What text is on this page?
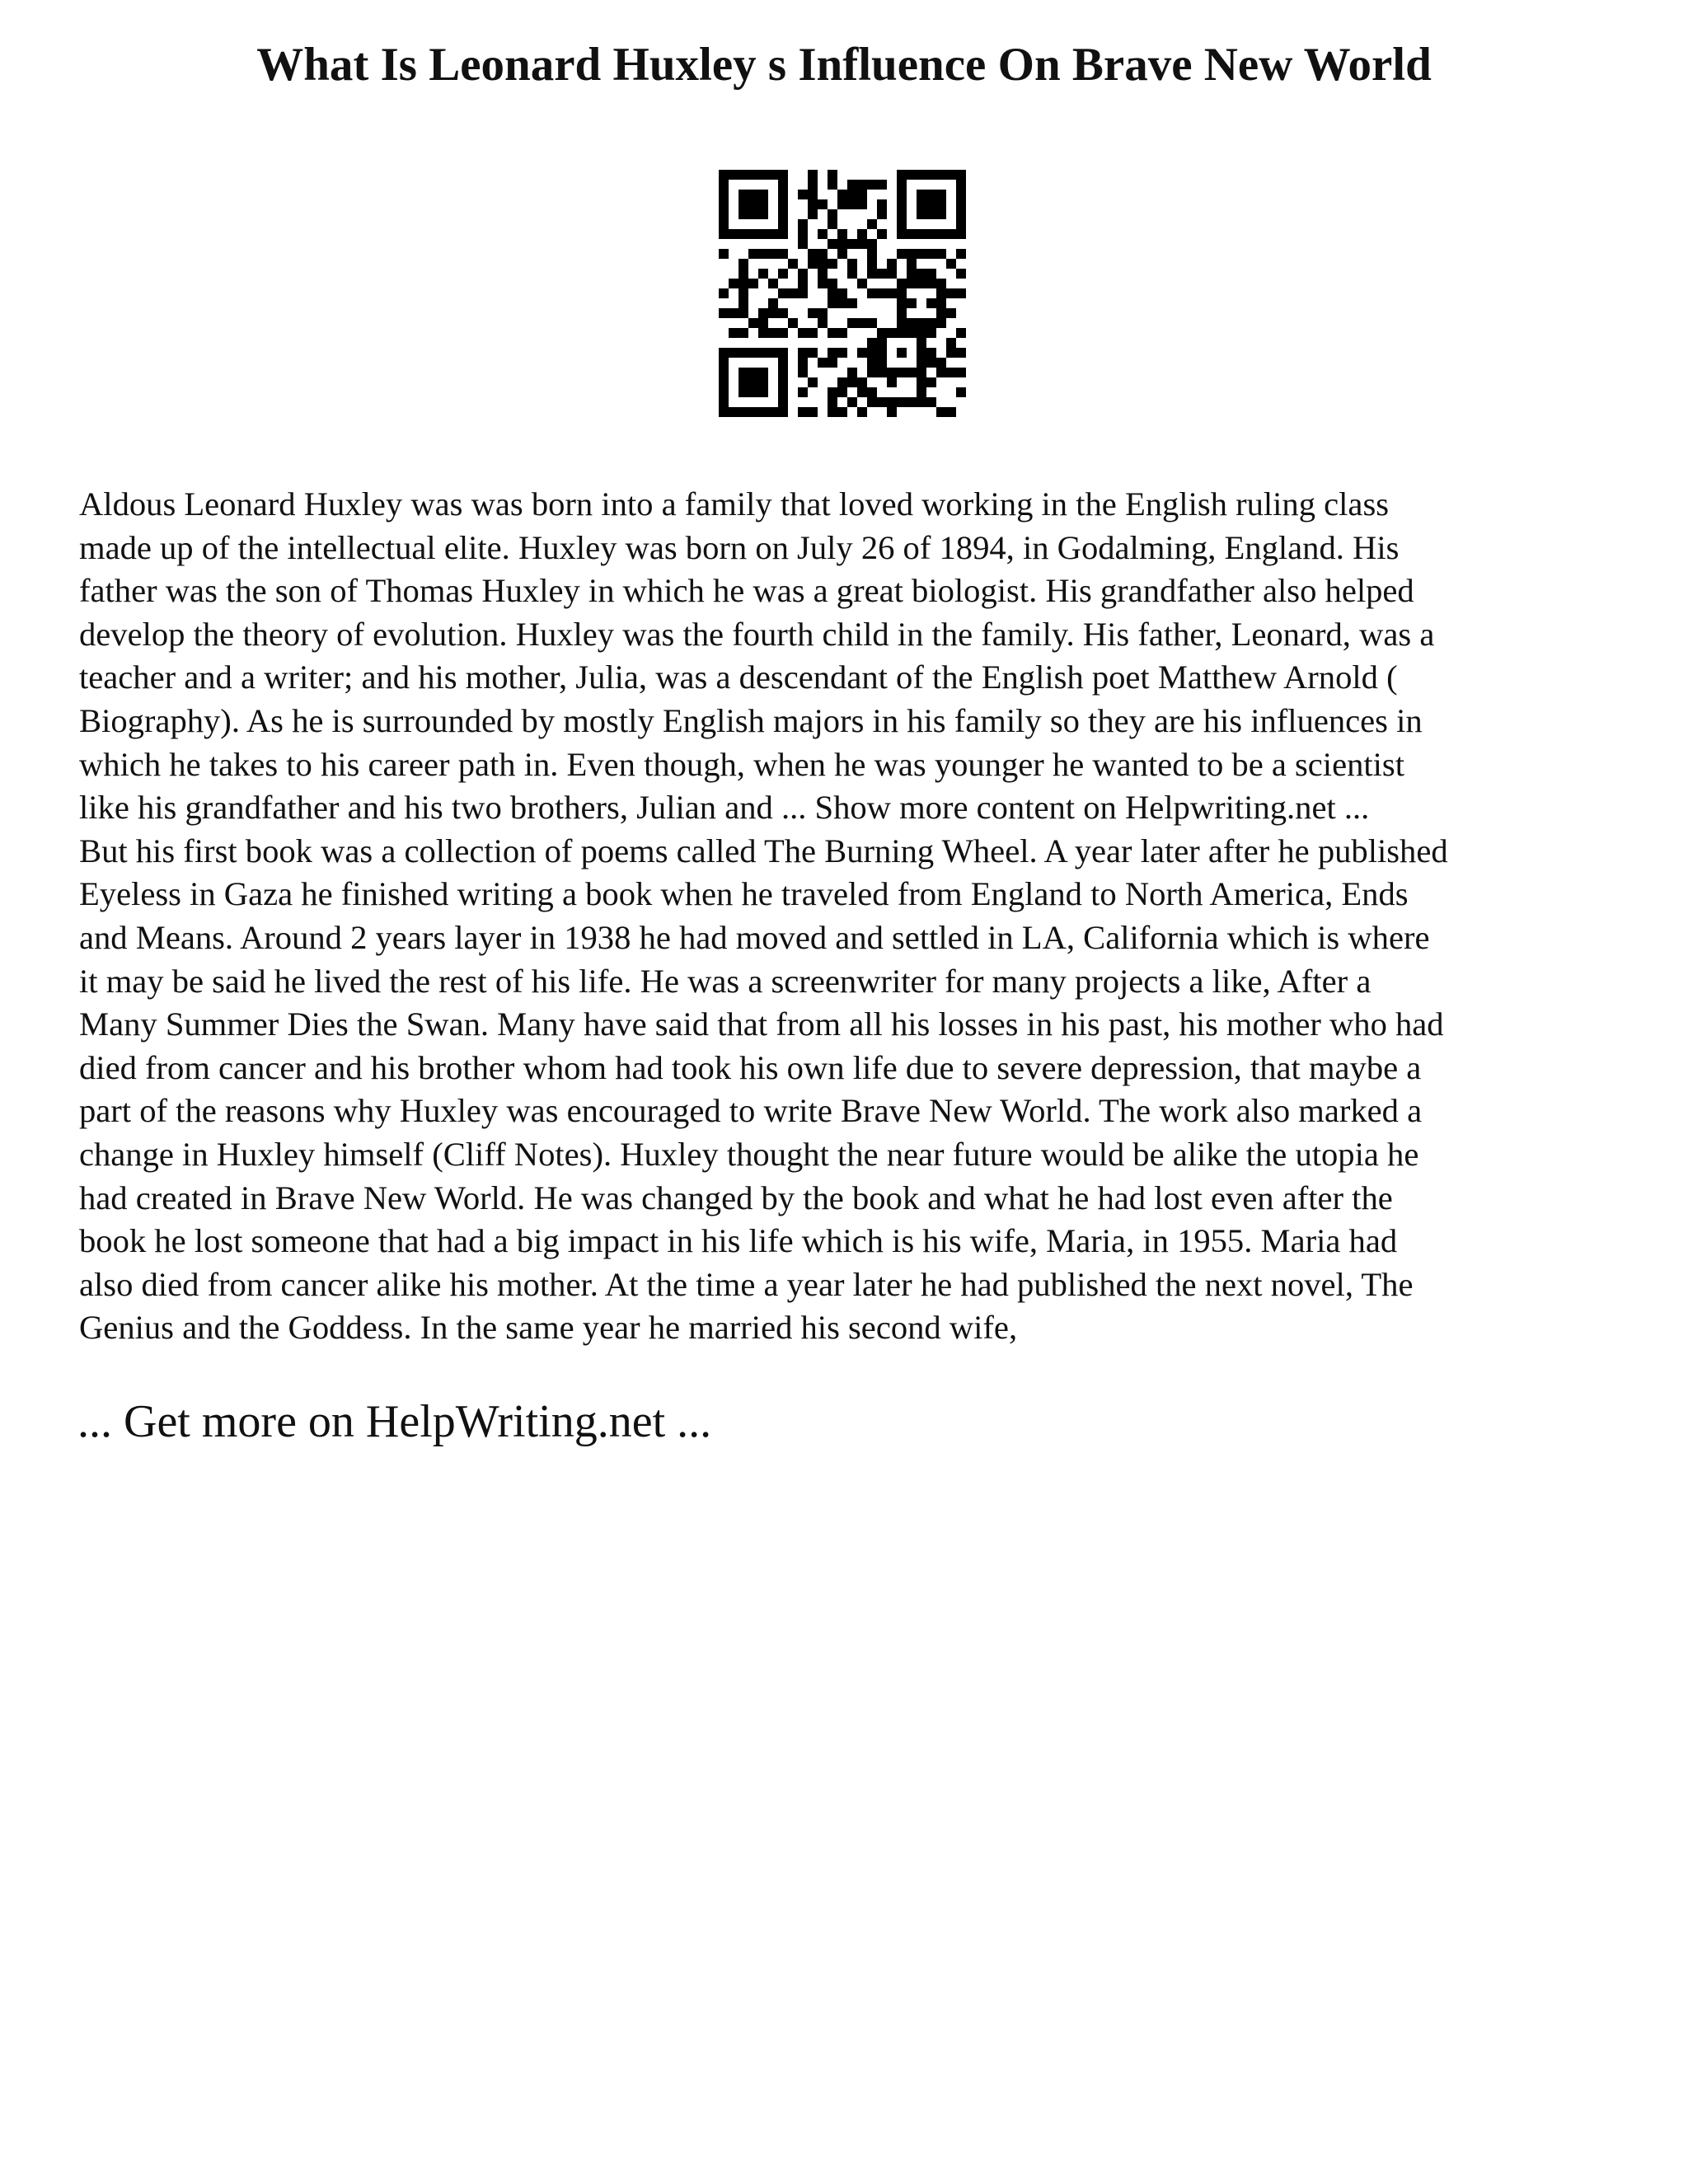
What Is Leonard Huxley s Influence On Brave New World

Aldous Leonard Huxley was was born into a family that loved working in the English ruling class
made up of the intellectual elite. Huxley was born on July 26 of 1894, in Godalming, England. His
father was the son of Thomas Huxley in which he was a great biologist. His grandfather also helped
develop the theory of evolution. Huxley was the fourth child in the family. His father, Leonard, was a
teacher and a writer; and his mother, Julia, was a descendant of the English poet Matthew Arnold (
Biography). As he is surrounded by mostly English majors in his family so they are his influences in
which he takes to his career path in. Even though, when he was younger he wanted to be a scientist
like his grandfather and his two brothers, Julian and ... Show more content on Helpwriting.net ...
But his first book was a collection of poems called The Burning Wheel. A year later after he published
Eyeless in Gaza he finished writing a book when he traveled from England to North America, Ends
and Means. Around 2 years layer in 1938 he had moved and settled in LA, California which is where
it may be said he lived the rest of his life. He was a screenwriter for many projects a like, After a
Many Summer Dies the Swan. Many have said that from all his losses in his past, his mother who had
died from cancer and his brother whom had took his own life due to severe depression, that maybe a
part of the reasons why Huxley was encouraged to write Brave New World. The work also marked a
change in Huxley himself (Cliff Notes). Huxley thought the near future would be alike the utopia he
had created in Brave New World. He was changed by the book and what he had lost even after the
book he lost someone that had a big impact in his life which is his wife, Maria, in 1955. Maria had
also died from cancer alike his mother. At the time a year later he had published the next novel, The
Genius and the Goddess. In the same year he married his second wife,

... Get more on HelpWriting.net ...
